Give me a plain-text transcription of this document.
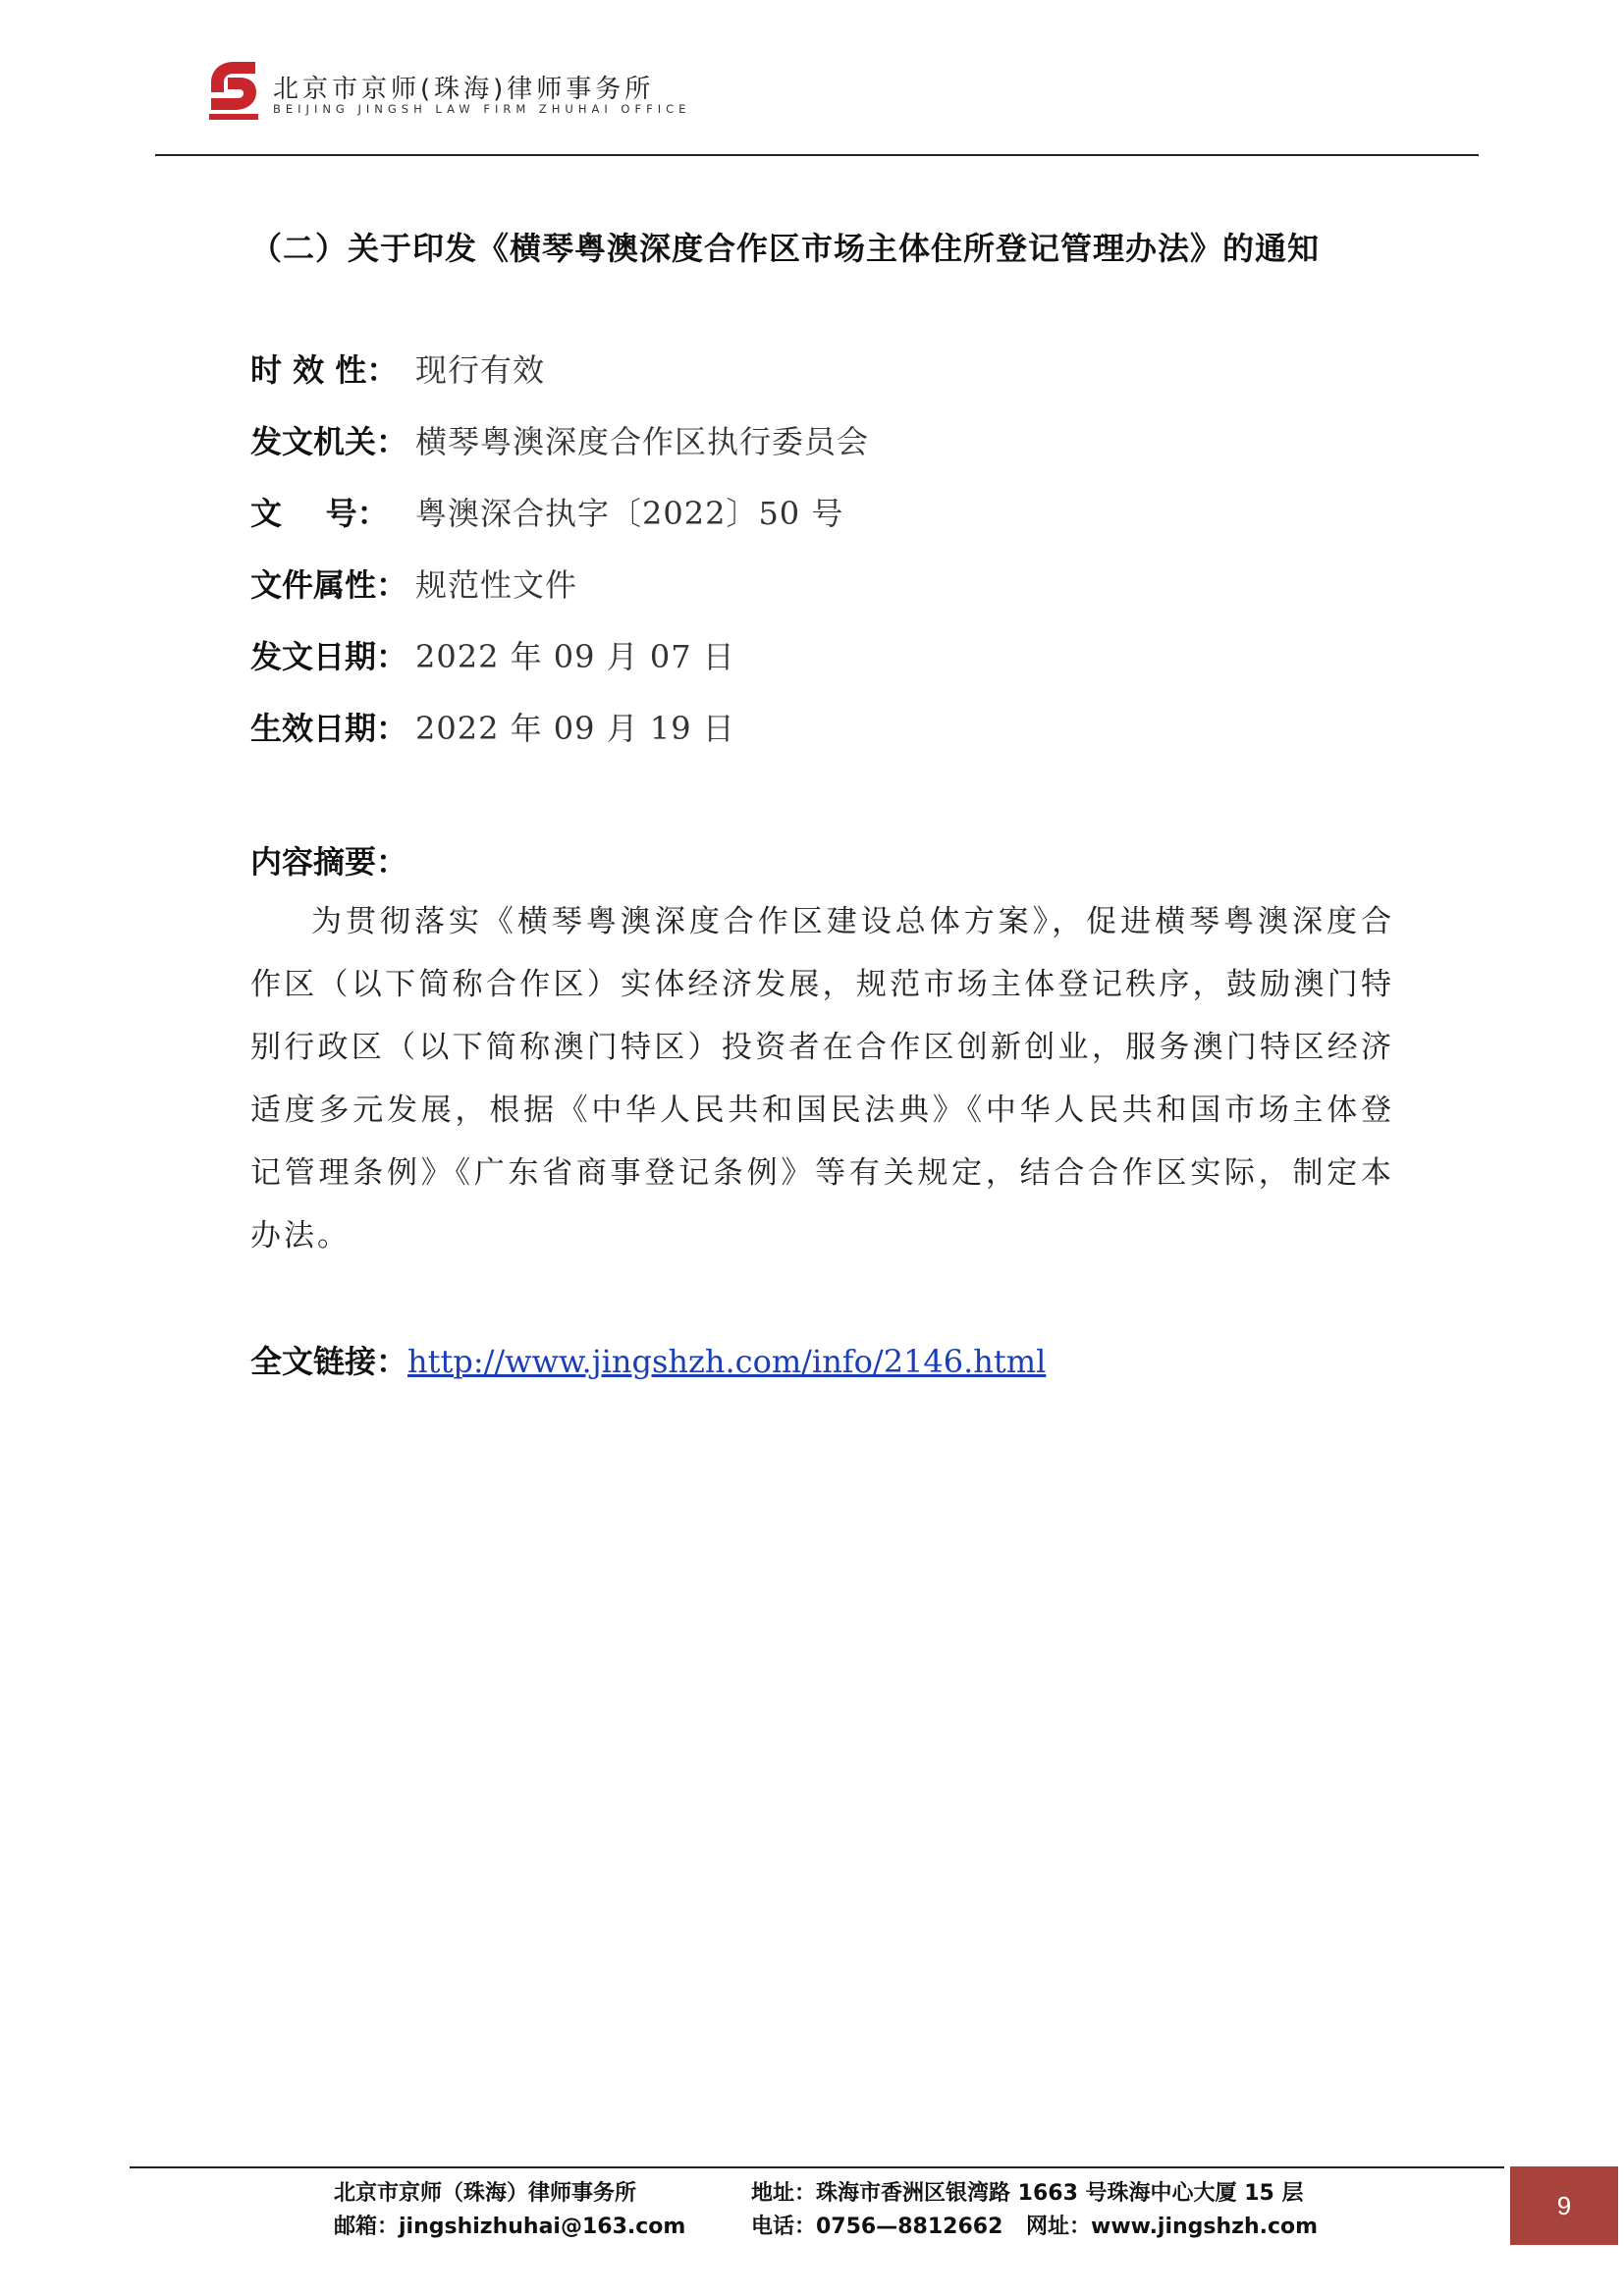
北京市京师(珠海)律师事务所
BEIJING JINGSH LAW FIRM ZHUHAI OFFICE
（二）关于印发《横琴粤澳深度合作区市场主体住所登记管理办法》的通知
时 效 性： 现行有效
发文机关： 横琴粤澳深度合作区执行委员会
文    号： 粤澳深合执字〔2022〕50 号
文件属性： 规范性文件
发文日期： 2022 年 09 月 07 日
生效日期： 2022 年 09 月 19 日
内容摘要：
为贯彻落实《横琴粤澳深度合作区建设总体方案》，促进横琴粤澳深度合作区（以下简称合作区）实体经济发展，规范市场主体登记秩序，鼓励澳门特别行政区（以下简称澳门特区）投资者在合作区创新创业，服务澳门特区经济适度多元发展，根据《中华人民共和国民法典》《中华人民共和国市场主体登记管理条例》《广东省商事登记条例》等有关规定，结合合作区实际，制定本办法。
全文链接：http://www.jingshzh.com/info/2146.html
北京市京师（珠海）律师事务所
邮箱：jingshizhuhai@163.com
地址：珠海市香洲区银湾路 1663 号珠海中心大厦 15 层
电话：0756—8812662	网址：www.jingshzh.com
9
